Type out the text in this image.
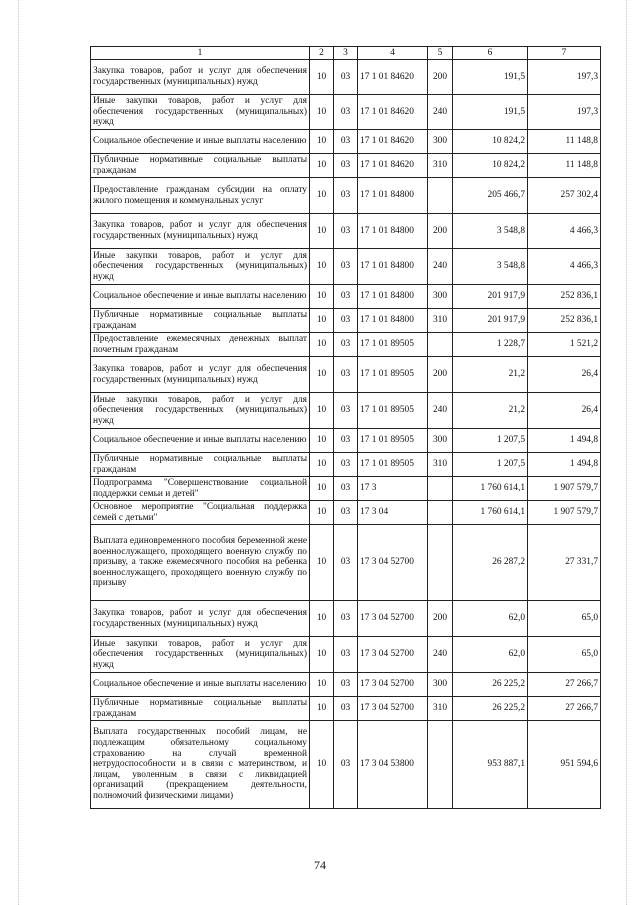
1	2	3	4	5	6	7
Закупка товаров, работ и услуг для обеспечения государственных (муниципальных) нужд	10	03	17 1 01 84620	200	191,5	197,3
Иные закупки товаров, работ и услуг для обеспечения государственных (муниципальных) нужд	10	03	17 1 01 84620	240	191,5	197,3
Социальное обеспечение и иные выплаты населению	10	03	17 1 01 84620	300	10 824,2	11 148,8
Публичные нормативные социальные выплаты гражданам	10	03	17 1 01 84620	310	10 824,2	11 148,8
Предоставление гражданам субсидии на оплату жилого помещения и коммунальных услуг	10	03	17 1 01 84800		205 466,7	257 302,4
Закупка товаров, работ и услуг для обеспечения государственных (муниципальных) нужд	10	03	17 1 01 84800	200	3 548,8	4 466,3
Иные закупки товаров, работ и услуг для обеспечения государственных (муниципальных) нужд	10	03	17 1 01 84800	240	3 548,8	4 466,3
Социальное обеспечение и иные выплаты населению	10	03	17 1 01 84800	300	201 917,9	252 836,1
Публичные нормативные социальные выплаты гражданам	10	03	17 1 01 84800	310	201 917,9	252 836,1
Предоставление ежемесячных денежных выплат почетным гражданам	10	03	17 1 01 89505		1 228,7	1 521,2
Закупка товаров, работ и услуг для обеспечения государственных (муниципальных) нужд	10	03	17 1 01 89505	200	21,2	26,4
Иные закупки товаров, работ и услуг для обеспечения государственных (муниципальных) нужд	10	03	17 1 01 89505	240	21,2	26,4
Социальное обеспечение и иные выплаты населению	10	03	17 1 01 89505	300	1 207,5	1 494,8
Публичные нормативные социальные выплаты гражданам	10	03	17 1 01 89505	310	1 207,5	1 494,8
Подпрограмма "Совершенствование социальной поддержки семьи и детей"	10	03	17 3		1 760 614,1	1 907 579,7
Основное мероприятие "Социальная поддержка семей с детьми"	10	03	17 3 04		1 760 614,1	1 907 579,7
Выплата единовременного пособия беременной жене военнослужащего, проходящего военную службу по призыву, а также ежемесячного пособия на ребенка военнослужащего, проходящего военную службу по призыву	10	03	17 3 04 52700		26 287,2	27 331,7
Закупка товаров, работ и услуг для обеспечения государственных (муниципальных) нужд	10	03	17 3 04 52700	200	62,0	65,0
Иные закупки товаров, работ и услуг для обеспечения государственных (муниципальных) нужд	10	03	17 3 04 52700	240	62,0	65,0
Социальное обеспечение и иные выплаты населению	10	03	17 3 04 52700	300	26 225,2	27 266,7
Публичные нормативные социальные выплаты гражданам	10	03	17 3 04 52700	310	26 225,2	27 266,7
Выплата государственных пособий лицам, не подлежащим обязательному социальному страхованию на случай временной нетрудоспособности и в связи с материнством, и лицам, уволенным в связи с ликвидацией организаций (прекращением деятельности, полномочий физическими лицами)	10	03	17 3 04 53800		953 887,1	951 594,6
74
